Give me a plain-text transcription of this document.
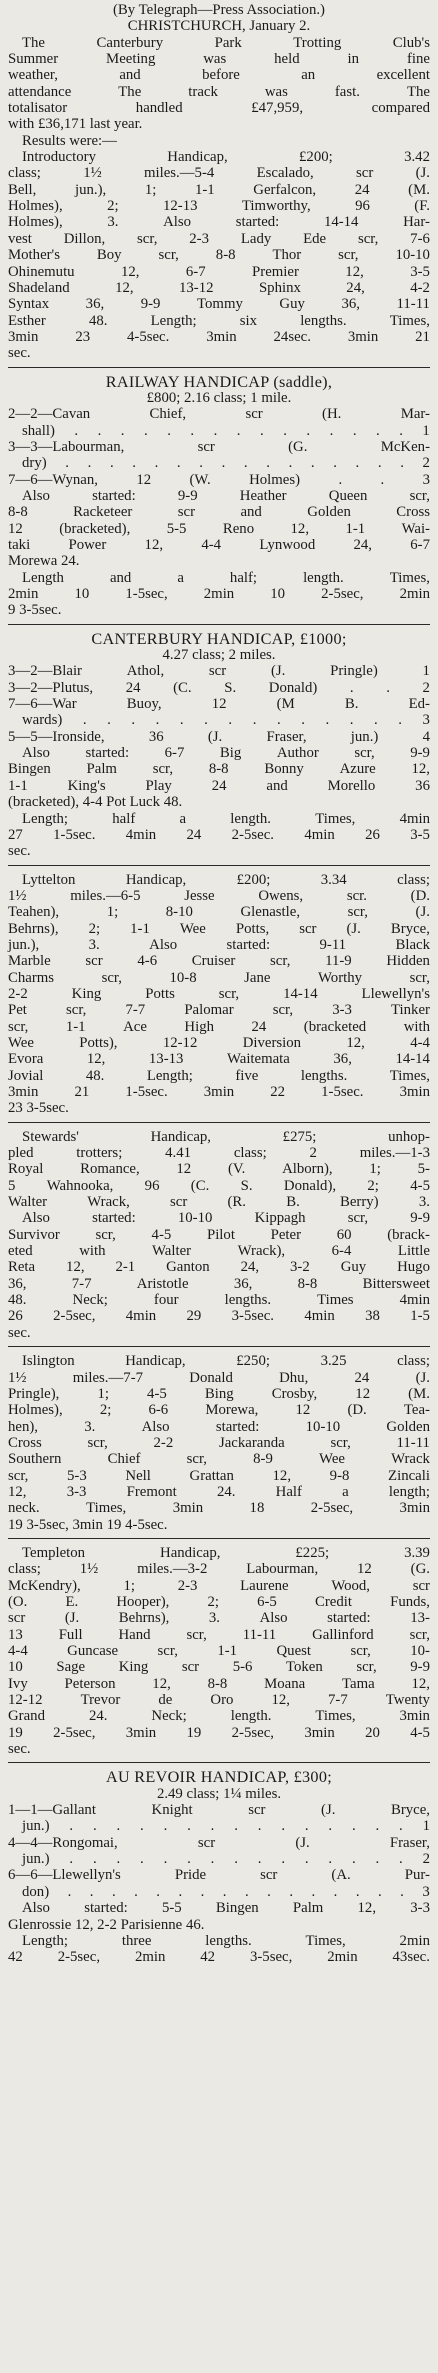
(By Telegraph—Press Association.)
CHRISTCHURCH, January 2.
The	Canterbury	Park	Trotting	Club's
Summer	Meeting	was	held	in	fine
weather,	and	before	an	excellent
attendance	The	track	was	fast.	The
totalisator	handled	£47,959,	compared
with £36,171 last year.
Results were:—
Introductory	Handicap,	£200;	3.42
class;	1½	miles.—5-4	Escalado,	scr	(J.
Bell,	jun.),	1;	1-1	Gerfalcon,	24	(M.
Holmes),	2;	12-13	Timworthy,	96	(F.
Holmes),	3.	Also	started:	14-14	Har-
vest Dillon, scr, 2-3 Lady Ede scr, 7-6
Mother's Boy scr, 8-8 Thor scr, 10-10
Ohinemutu	12,	6-7	Premier	12,	3-5
Shadeland	12,	13-12	Sphinx	24,	4-2
Syntax 36, 9-9 Tommy Guy 36, 11-11
Esther	48.	Length;	six	lengths.	Times,
3min 23 4-5sec. 3min 24sec. 3min 21
sec.
RAILWAY HANDICAP (saddle),
£800; 2.16 class; 1 mile.
2—2—Cavan	Chief,	scr	(H.	Mar-
shall) . . . . . . . . . . . . . . . 1
3—3—Labourman,	scr	(G.	McKen-
dry) . . . . . . . . . . . . . . . . 2
7—6—Wynan,	12	(W.	Holmes)	.	.	3
Also	started:	9-9	Heather	Queen	scr,
8-8	Racketeer	scr	and	Golden	Cross
12 (bracketed), 5-5 Reno 12, 1-1 Wai-
taki	Power	12,	4-4	Lynwood	24,	6-7
Morewa 24.
Length	and	a	half;	length.	Times,
2min 10 1-5sec, 2min 10 2-5sec, 2min
9 3-5sec.
CANTERBURY HANDICAP, £1000;
4.27 class; 2 miles.
3—2—Blair	Athol,	scr	(J.	Pringle)	1
3—2—Plutus, 24 (C. S. Donald) . . 2
7—6—War	Buoy,	12	(M	B.	Ed-
wards) . . . . . . . . . . . . . . 3
5—5—Ironside,	36	(J.	Fraser,	jun.)	4
Also started: 6-7 Big Author scr, 9-9
Bingen Palm scr, 8-8 Bonny Azure 12,
1-1	King's	Play	24	and	Morello	36
(bracketed), 4-4 Pot Luck 48.
Length;	half	a	length.	Times,	4min
27 1-5sec. 4min 24 2-5sec. 4min 26 3-5
sec.
Lyttelton	Handicap,	£200;	3.34	class;
1½	miles.—6-5	Jesse	Owens,	scr.	(D.
Teahen),	1;	8-10	Glenastle,	scr,	(J.
Behrns), 2; 1-1 Wee Potts, scr (J. Bryce,
jun.),	3.	Also	started:	9-11	Black
Marble scr 4-6 Cruiser scr, 11-9 Hidden
Charms	scr,	10-8	Jane	Worthy	scr,
2-2	King	Potts	scr,	14-14	Llewellyn's
Pet	scr,	7-7	Palomar	scr,	3-3	Tinker
scr,	1-1	Ace	High	24	(bracketed	with
Wee	Potts),	12-12	Diversion	12,	4-4
Evora	12,	13-13	Waitemata	36,	14-14
Jovial	48.	Length;	five	lengths.	Times,
3min 21 1-5sec. 3min 22 1-5sec. 3min
23 3-5sec.
Stewards'	Handicap,	£275;	unhop-
pled	trotters;	4.41	class;	2	miles.—1-3
Royal Romance, 12 (V. Alborn), 1; 5-
5 Wahnooka, 96 (C. S. Donald), 2; 4-5
Walter	Wrack,	scr	(R.	B.	Berry)	3.
Also	started:	10-10	Kippagh	scr,	9-9
Survivor scr, 4-5 Pilot Peter 60 (brack-
eted	with	Walter	Wrack),	6-4	Little
Reta 12, 2-1 Ganton 24, 3-2 Guy Hugo
36,	7-7	Aristotle	36,	8-8	Bittersweet
48.	Neck;	four	lengths.	Times	4min
26 2-5sec, 4min 29 3-5sec. 4min 38 1-5
sec.
Islington	Handicap,	£250;	3.25	class;
1½	miles.—7-7	Donald	Dhu,	24	(J.
Pringle),	1;	4-5	Bing	Crosby,	12	(M.
Holmes),	2;	6-6	Morewa,	12	(D.	Tea-
hen),	3.	Also	started:	10-10	Golden
Cross	scr,	2-2	Jackaranda	scr,	11-11
Southern	Chief	scr,	8-9	Wee	Wrack
scr,	5-3	Nell	Grattan	12,	9-8	Zincali
12,	3-3	Fremont	24.	Half	a	length;
neck.	Times,	3min	18	2-5sec,	3min
19 3-5sec, 3min 19 4-5sec.
Templeton	Handicap,	£225;	3.39
class;	1½	miles.—3-2	Labourman,	12	(G.
McKendry),	1;	2-3	Laurene	Wood,	scr
(O.	E.	Hooper),	2;	6-5	Credit	Funds,
scr	(J.	Behrns),	3.	Also	started:	13-
13 Full Hand scr, 11-11 Gallinford scr,
4-4	Guncase	scr,	1-1	Quest	scr,	10-
10 Sage King scr 5-6 Token scr, 9-9
Ivy Peterson 12, 8-8 Moana Tama 12,
12-12	Trevor	de	Oro	12,	7-7	Twenty
Grand	24.	Neck;	length.	Times,	3min
19 2-5sec, 3min 19 2-5sec, 3min 20 4-5
sec.
AU REVOIR HANDICAP, £300;
2.49 class; 1¼ miles.
1—1—Gallant	Knight	scr	(J.	Bryce,
jun.) . . . . . . . . . . . . . . . 1
4—4—Rongomai,	scr	(J.	Fraser,
jun.) . . . . . . . . . . . . . . . 2
6—6—Llewellyn's	Pride	scr	(A.	Pur-
don) . . . . . . . . . . . . . . . . 3
Also started: 5-5 Bingen Palm 12, 3-3
Glenrossie 12, 2-2 Parisienne 46.
Length;	three	lengths.	Times,	2min
42 2-5sec, 2min 42 3-5sec, 2min 43sec.
